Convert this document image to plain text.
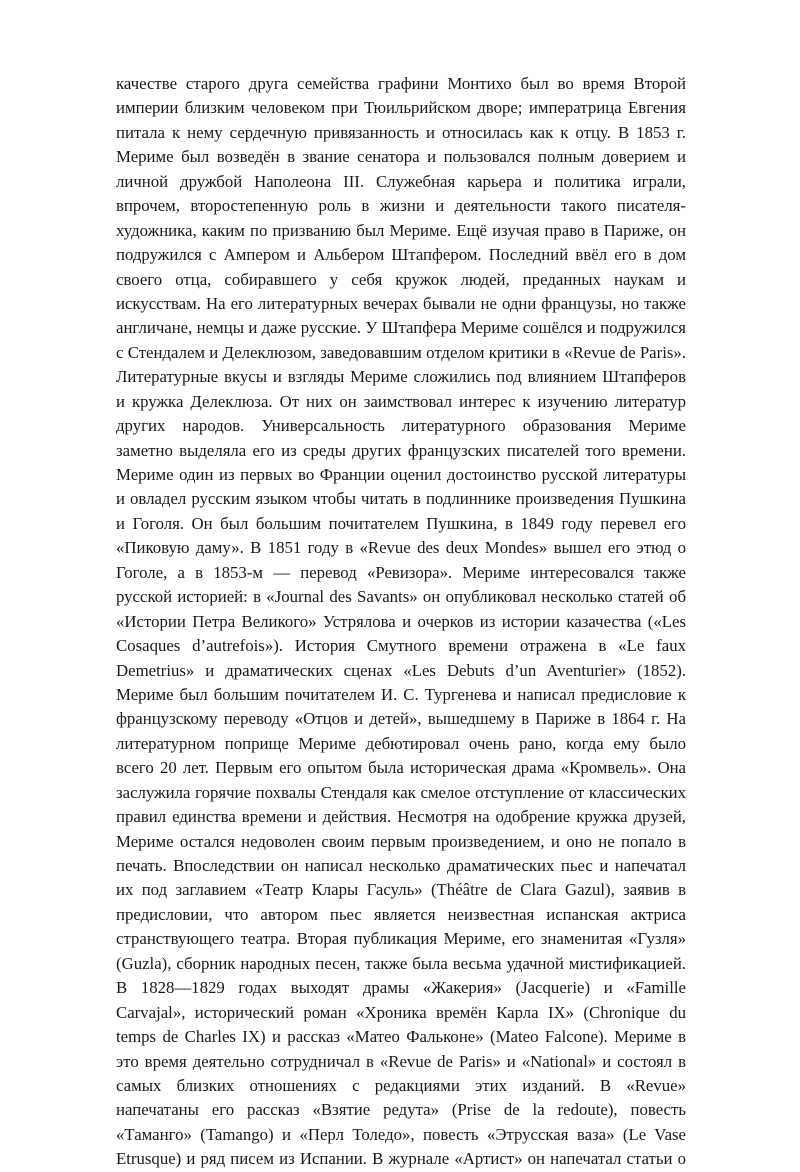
качестве старого друга семейства графини Монтихо был во время Второй
империи близким человеком при Тюильрийском дворе; императрица Евгения
питала к нему сердечную привязанность и относилась как к отцу. В 1853 г.
Мериме был возведён в звание сенатора и пользовался полным доверием и
личной дружбой Наполеона III. Служебная карьера и политика играли,
впрочем, второстепенную роль в жизни и деятельности такого писателя-
художника, каким по призванию был Мериме. Ещё изучая право в Париже, он
подружился с Ампером и Альбером Штапфером. Последний ввёл его в дом
своего отца, собиравшего у себя кружок людей, преданных наукам и
искусствам. На его литературных вечерах бывали не одни французы, но также
англичане, немцы и даже русские. У Штапфера Мериме сошёлся и подружился
с Стендалем и Делеклюзом, заведовавшим отделом критики в «Revue de Paris».
Литературные вкусы и взгляды Мериме сложились под влиянием Штапферов
и кружка Делеклюза. От них он заимствовал интерес к изучению литератур
других народов. Универсальность литературного образования Мериме
заметно выделяла его из среды других французских писателей того времени.
Мериме один из первых во Франции оценил достоинство русской литературы
и овладел русским языком чтобы читать в подлиннике произведения Пушкина
и Гоголя. Он был большим почитателем Пушкина, в 1849 году перевел его
«Пиковую даму». В 1851 году в «Revue des deux Mondes» вышел его этюд о
Гоголе, а в 1853-м — перевод «Ревизора». Мериме интересовался также
русской историей: в «Journal des Savants» он опубликовал несколько статей об
«Истории Петра Великого» Устрялова и очерков из истории казачества («Les
Cosaques d’autrefois»). История Смутного времени отражена в «Le faux
Demetrius» и драматических сценах «Les Debuts d’un Aventurier» (1852).
Мериме был большим почитателем И. С. Тургенева и написал предисловие к
французскому переводу «Отцов и детей», вышедшему в Париже в 1864 г. На
литературном поприще Мериме дебютировал очень рано, когда ему было
всего 20 лет. Первым его опытом была историческая драма «Кромвель». Она
заслужила горячие похвалы Стендаля как смелое отступление от классических
правил единства времени и действия. Несмотря на одобрение кружка друзей,
Мериме остался недоволен своим первым произведением, и оно не попало в
печать. Впоследствии он написал несколько драматических пьес и напечатал
их под заглавием «Театр Клары Гасуль» (Théâtre de Clara Gazul), заявив в
предисловии, что автором пьес является неизвестная испанская актриса
странствующего театра. Вторая публикация Мериме, его знаменитая «Гузля»
(Guzla), сборник народных песен, также была весьма удачной мистификацией.
В 1828—1829 годах выходят драмы «Жакерия» (Jacquerie) и «Famille
Carvajal», исторический роман «Хроника времён Карла IX» (Chronique du
temps de Charles IX) и рассказ «Матео Фальконе» (Mateo Falcone). Мериме в
это время деятельно сотрудничал в «Revue de Paris» и «National» и состоял в
самых близких отношениях с редакциями этих изданий. В «Revue»
напечатаны его рассказ «Взятие редута» (Prise de la redoute), повесть
«Таманго» (Tamango) и «Перл Толедо», повесть «Этрусская ваза» (Le Vase
Etrusque) и ряд писем из Испании. В журнале «Артист» он напечатал статьи о
